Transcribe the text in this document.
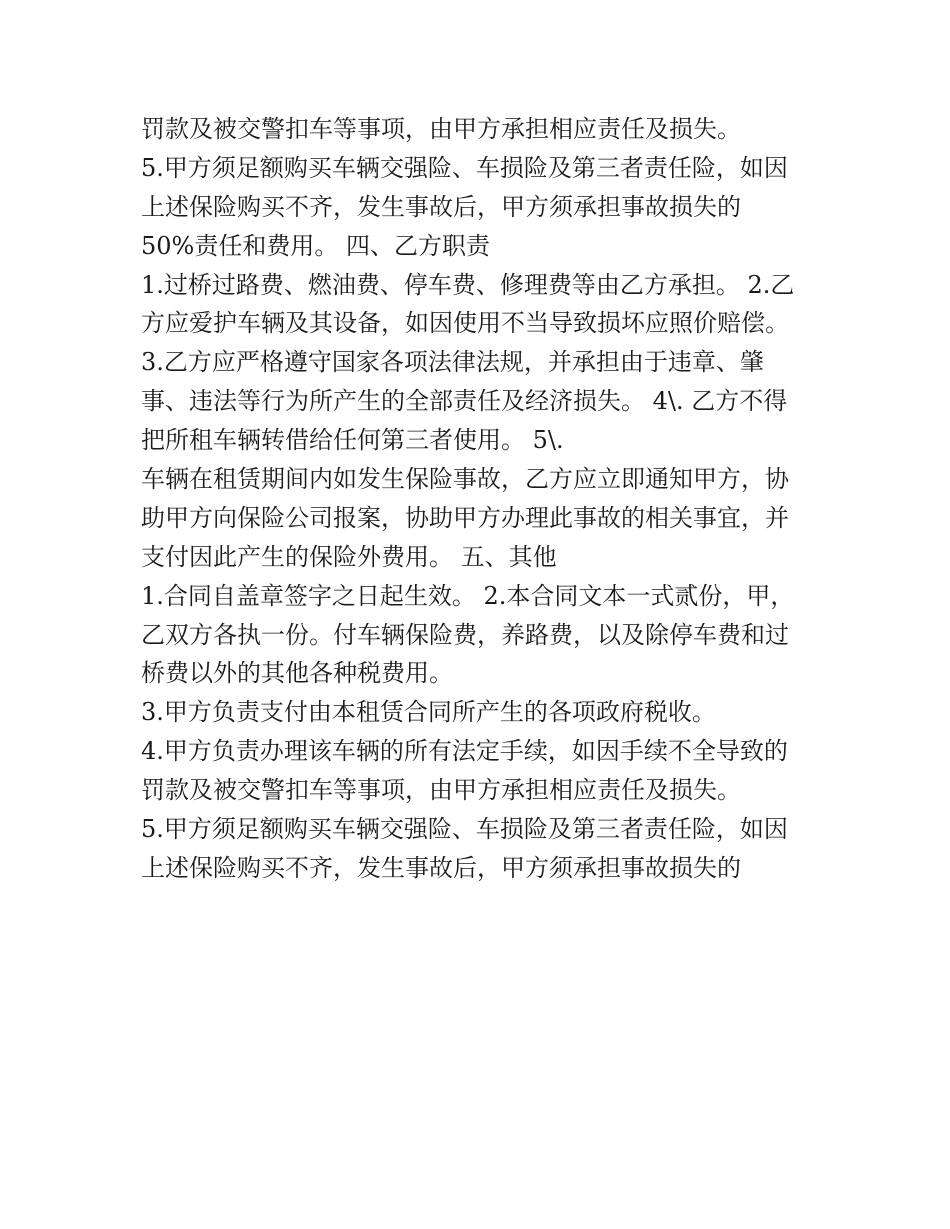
罚款及被交警扣车等事项，由甲方承担相应责任及损失。
5.甲方须足额购买车辆交强险、车损险及第三者责任险，如因
上述保险购买不齐，发生事故后，甲方须承担事故损失的
50%责任和费用。 四、乙方职责
1.过桥过路费、燃油费、停车费、修理费等由乙方承担。 2.乙
方应爱护车辆及其设备，如因使用不当导致损坏应照价赔偿。
3.乙方应严格遵守国家各项法律法规，并承担由于违章、肇
事、违法等行为所产生的全部责任及经济损失。 4\. 乙方不得
把所租车辆转借给任何第三者使用。 5\.
车辆在租赁期间内如发生保险事故，乙方应立即通知甲方，协
助甲方向保险公司报案，协助甲方办理此事故的相关事宜，并
支付因此产生的保险外费用。 五、其他
1.合同自盖章签字之日起生效。 2.本合同文本一式贰份，甲，
乙双方各执一份。付车辆保险费，养路费，以及除停车费和过
桥费以外的其他各种税费用。
3.甲方负责支付由本租赁合同所产生的各项政府税收。
4.甲方负责办理该车辆的所有法定手续，如因手续不全导致的
罚款及被交警扣车等事项，由甲方承担相应责任及损失。
5.甲方须足额购买车辆交强险、车损险及第三者责任险，如因
上述保险购买不齐，发生事故后，甲方须承担事故损失的
